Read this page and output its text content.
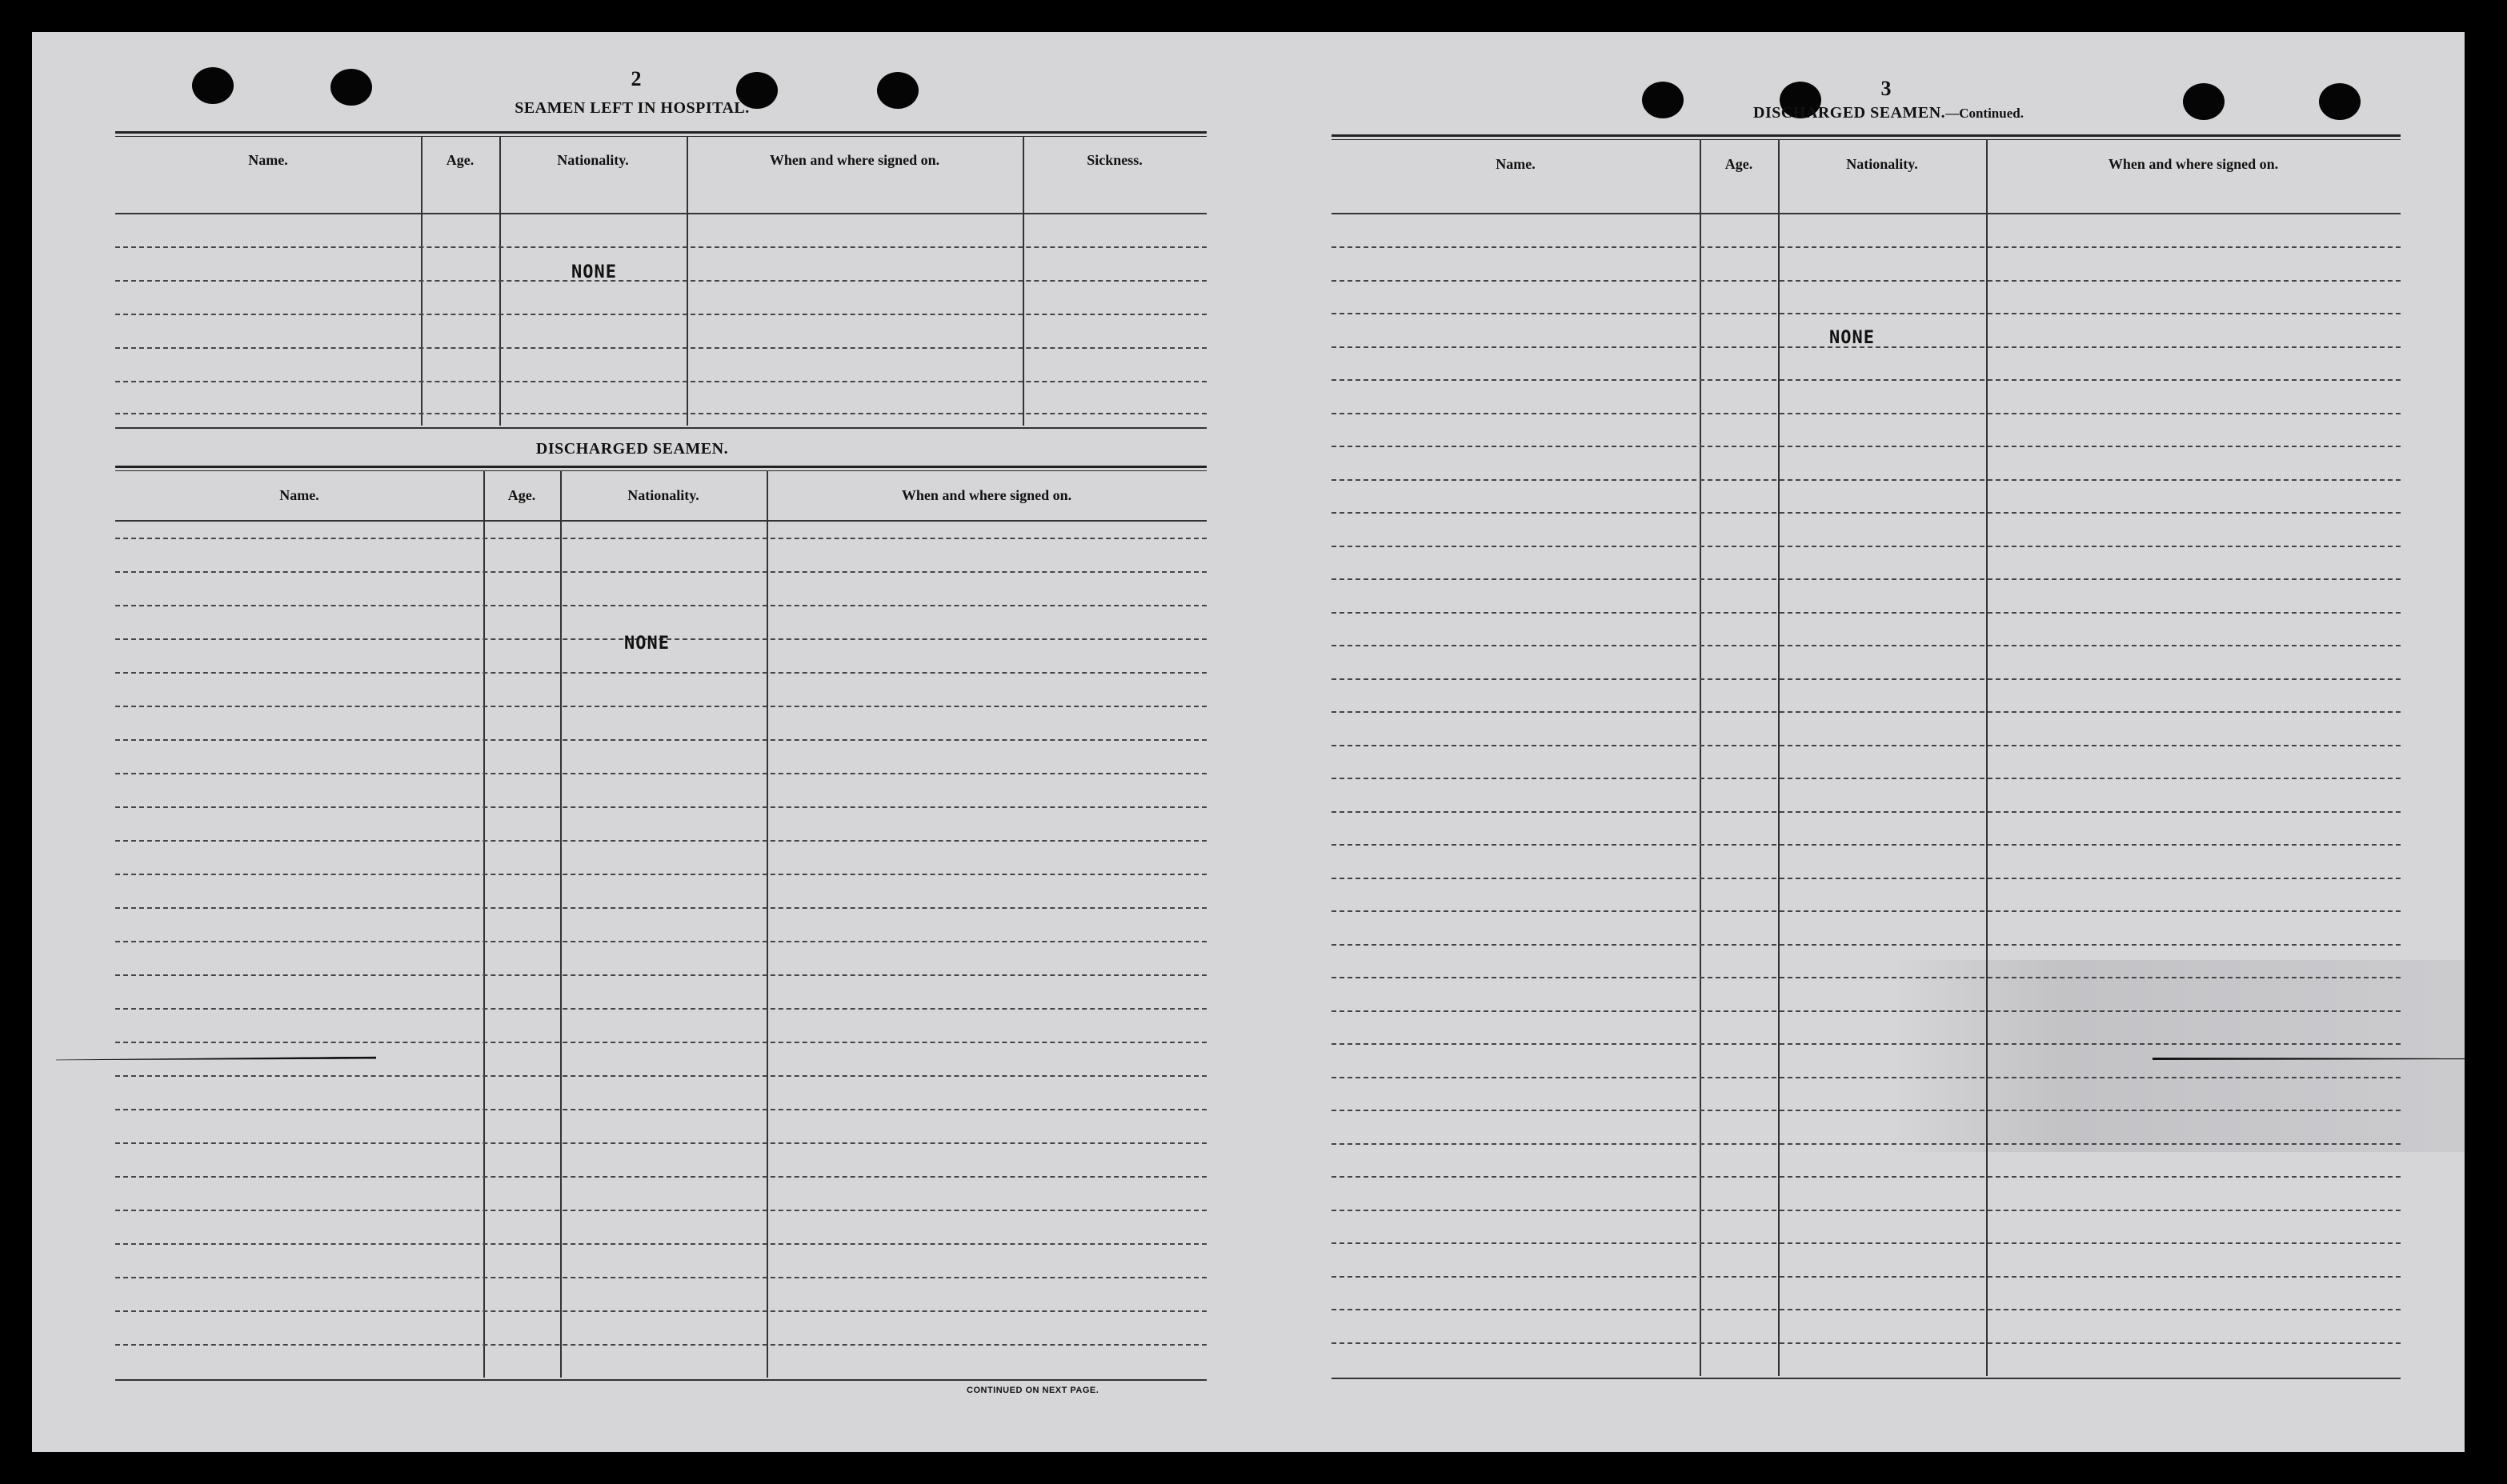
2
SEAMEN LEFT IN HOSPITAL.
Name.	Age.	Nationality.	When and where signed on.	Sickness.
NONE
DISCHARGED SEAMEN.
Name.	Age.	Nationality.	When and where signed on.
NONE
CONTINUED ON NEXT PAGE.
3
DISCHARGED SEAMEN.—Continued.
Name.	Age.	Nationality.	When and where signed on.
NONE
